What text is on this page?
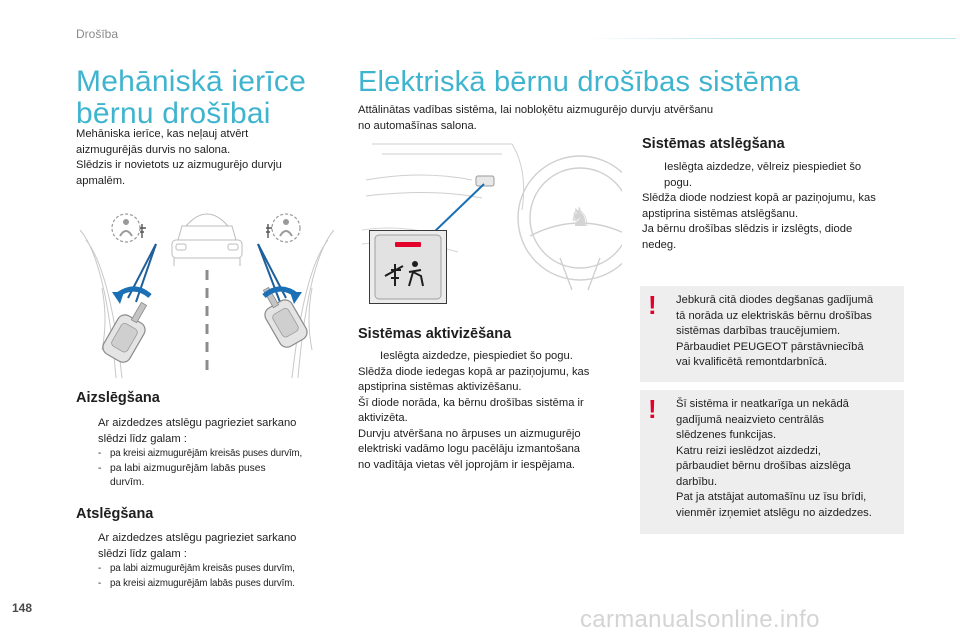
Drošība
Mehāniskā ierīce
bērnu drošībai
Mehāniska ierīce, kas neļauj atvērt
aizmugurējās durvis no salona.
Slēdzis ir novietots uz aizmugurējo durvju
apmalēm.
Aizslēgšana
Ar aizdedzes atslēgu pagrieziet sarkano
slēdzi līdz galam :
- pa kreisi aizmugurējām kreisās puses durvīm,
- pa labi aizmugurējām labās puses
durvīm.
Atslēgšana
Ar aizdedzes atslēgu pagrieziet sarkano
slēdzi līdz galam :
- pa labi aizmugurējām kreisās puses durvīm,
- pa kreisi aizmugurējām labās puses durvīm.
Elektriskā bērnu drošības sistēma
Attālinātas vadības sistēma, lai nobloķētu aizmugurējo durvju atvēršanu
no automašīnas salona.
♞
Sistēmas aktivizēšana
Ieslēgta aizdedze, piespiediet šo pogu.
Slēdža diode iedegas kopā ar paziņojumu, kas
apstiprina sistēmas aktivizēšanu.
Šī diode norāda, ka bērnu drošības sistēma ir
aktivizēta.
Durvju atvēršana no ārpuses un aizmugurējo
elektriski vadāmo logu pacēlāju izmantošana
no vadītāja vietas vēl joprojām ir iespējama.
Sistēmas atslēgšana
Ieslēgta aizdedze, vēlreiz piespiediet šo
pogu.
Slēdža diode nodziest kopā ar paziņojumu, kas
apstiprina sistēmas atslēgšanu.
Ja bērnu drošības slēdzis ir izslēgts, diode
nedeg.
! Jebkurā citā diodes degšanas gadījumā
tā norāda uz elektriskās bērnu drošības
sistēmas darbības traucējumiem.
Pārbaudiet PEUGEOT pārstāvniecībā
vai kvalificētā remontdarbnīcā.
! Šī sistēma ir neatkarīga un nekādā
gadījumā neaizvieto centrālās
slēdzenes funkcijas.
Katru reizi ieslēdzot aizdedzi,
pārbaudiet bērnu drošības aizslēga
darbību.
Pat ja atstājat automašīnu uz īsu brīdi,
vienmēr izņemiet atslēgu no aizdedzes.
148	carmanualsonline.info
